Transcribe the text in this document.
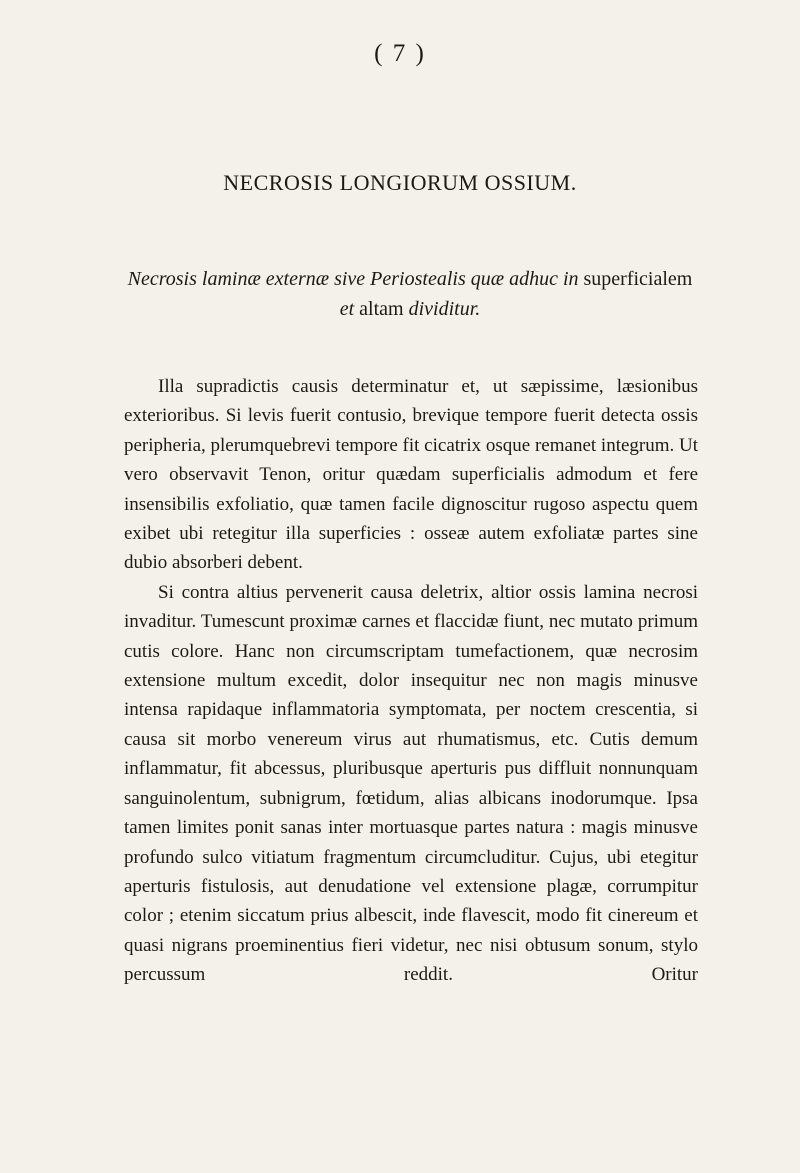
( 7 )
NECROSIS LONGIORUM OSSIUM.
Necrosis laminæ externæ sive Periostealis quæ adhuc in superficialem
et altam dividitur.

Illa supradictis causis determinatur et, ut sæpissime, læsionibus exterioribus. Si levis fuerit contusio, brevique tempore fuerit detecta ossis peripheria, plerumquebrevi tempore fit cicatrix osque remanet integrum. Ut vero observavit Tenon, oritur quædam superficialis admodum et fere insensibilis exfoliatio, quæ tamen facile dignoscitur rugoso aspectu quem exibet ubi retegitur illa superficies : osseæ autem exfoliatæ partes sine dubio absorberi debent.

Si contra altius pervenerit causa deletrix, altior ossis lamina necrosi invaditur. Tumescunt proximæ carnes et flaccidæ fiunt, nec mutato primum cutis colore. Hanc non circumscriptam tumefactionem, quæ necrosim extensione multum excedit, dolor insequitur nec non magis minusve intensa rapidaque inflammatoria symptomata, per noctem crescentia, si causa sit morbo venereum virus aut rhumatismus, etc. Cutis demum inflammatur, fit abcessus, pluribusque aperturis pus diffluit nonnunquam sanguinolentum, subnigrum, fœtidum, alias albicans inodorumque. Ipsa tamen limites ponit sanas inter mortuasque partes natura : magis minusve profundo sulco vitiatum fragmentum circumcluditur. Cujus, ubi etegitur aperturis fistulosis, aut denudatione vel extensione plagæ, corrumpitur color ; etenim siccatum prius albescit, inde flavescit, modo fit cinereum et quasi nigrans proeminentius fieri videtur, nec nisi obtusum sonum, stylo percussum reddit. Oritur
